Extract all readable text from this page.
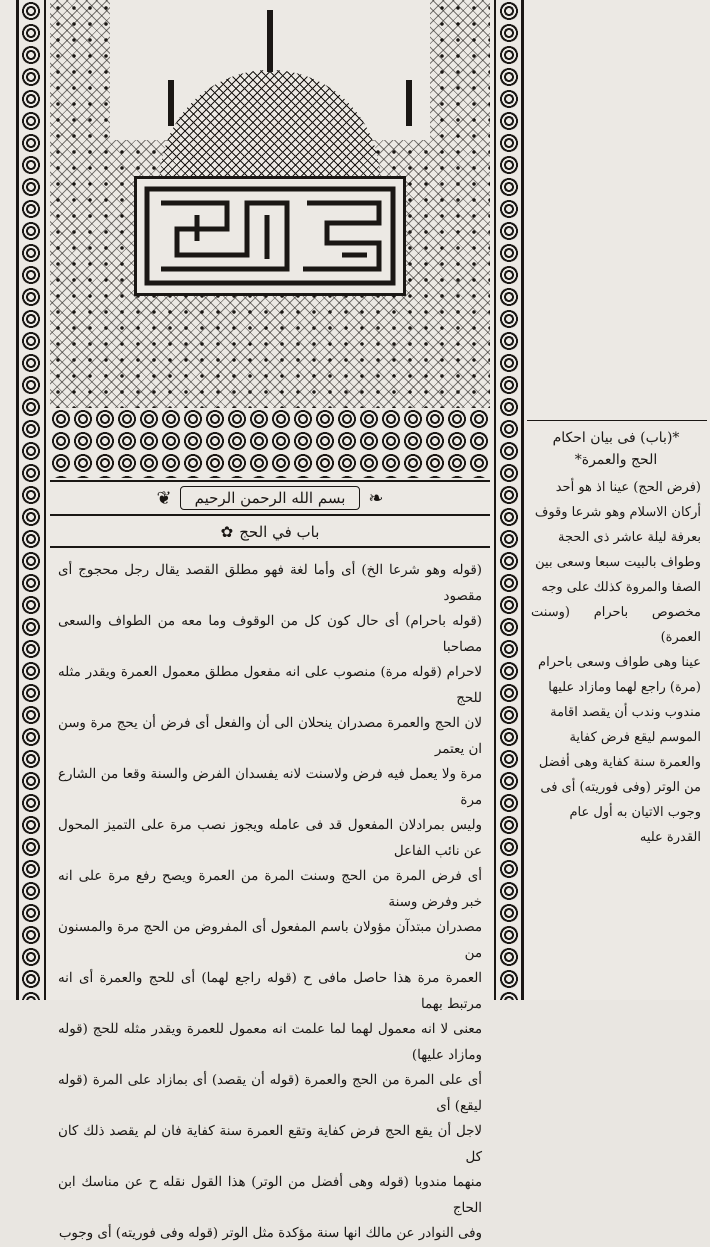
❦	بسم الله الرحمن الرحيم	❧
باب في الحج
✿

(قوله وهو شرعا الخ) أى وأما لغة فهو مطلق القصد يقال رجل محجوج أى مقصود

(قوله باحرام) أى حال كون كل من الوقوف وما معه من الطواف والسعى مصاحبا

لاحرام (قوله مرة) منصوب على انه مفعول مطلق معمول العمرة ويقدر مثله للحج

لان الحج والعمرة مصدران ينحلان الى أن والفعل أى فرض أن يحج مرة وسن ان يعتمر

مرة ولا يعمل فيه فرض ولاسنت لانه يفسدان الفرض والسنة وقعا من الشارع مرة

وليس بمرادلان المفعول قد فى عامله ويجوز نصب مرة على التميز المحول عن نائب الفاعل

أى فرض المرة من الحج وسنت المرة من العمرة ويصح رفع مرة على انه خبر وفرض وسنة

مصدران مبتدآن مؤولان باسم المفعول أى المفروض من الحج مرة والمسنون من

العمرة مرة هذا حاصل مافى ح (قوله راجع لهما) أى للحج والعمرة أى انه مرتبط بهما

معنى لا انه معمول لهما لما علمت انه معمول للعمرة ويقدر مثله للحج (قوله ومازاد عليها)

أى على المرة من الحج والعمرة (قوله أن يقصد) أى بمازاد على المرة (قوله ليقع) أى

لاجل أن يقع الحج فرض كفاية وتقع العمرة سنة كفاية فان لم يقصد ذلك كان كل

منهما مندوبا (قوله وهى أفضل من الوتر) هذا القول نقله ح عن مناسك ابن الحاج

وفى النوادر عن مالك انها سنة مؤكدة مثل الوتر (قوله وفى فوريته) أى وجوب

*(باب) فى بيان احكام
الحج والعمرة*
(فرض الحج) عينا اذ هو أحد
أركان الاسلام وهو شرعا وقوف
بعرفة ليلة عاشر ذى الحجة
وطواف بالبيت سبعا وسعى بين
الصفا والمروة كذلك على وجه
مخصوص باحرام (وسنت العمرة)
عينا وهى طواف وسعى باحرام
(مرة) راجع لهما ومازاد عليها
مندوب وندب أن يقصد اقامة
الموسم ليقع فرض كفاية
والعمرة سنة كفاية وهى أفضل
من الوتر (وفى فوريته) أى فى
وجوب الاتيان به أول عام
القدرة عليه
